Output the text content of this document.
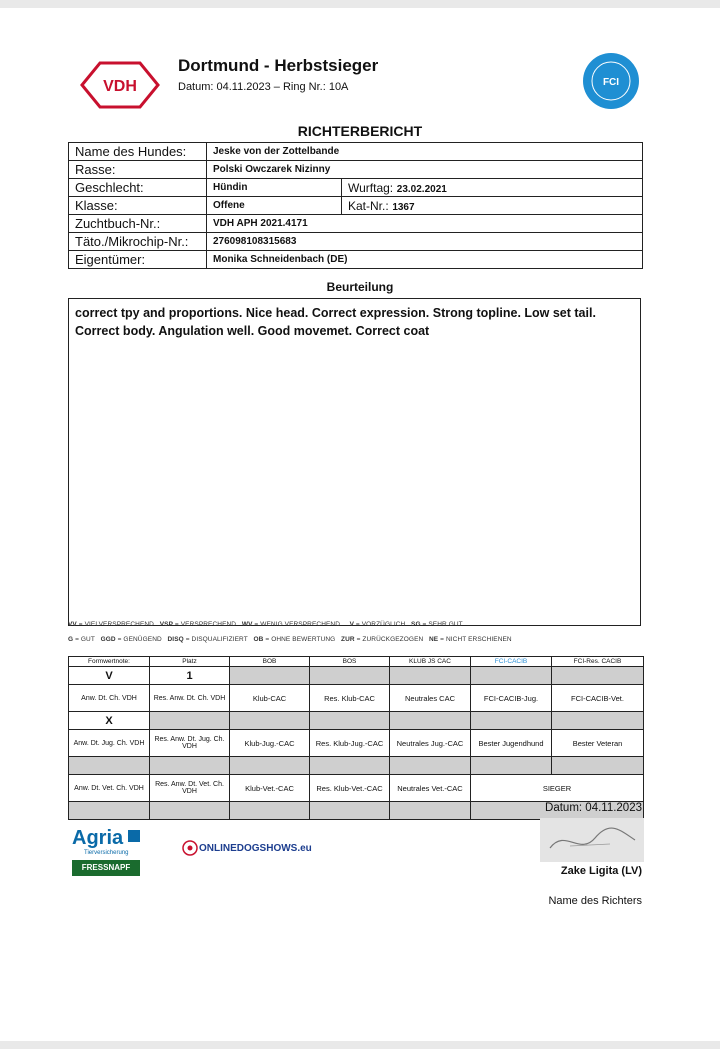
VDH
Dortmund - Herbstsieger
Datum: 04.11.2023 – Ring Nr.: 10A	FCI
RICHTERBERICHT
Name des Hundes:	Jeske von der Zottelbande	
Rasse:	Polski Owczarek Nizinny	
Geschlecht:	Hündin	Wurftag: 23.02.2021
Klasse:	Offene	Kat-Nr.: 1367
Zuchtbuch-Nr.:	VDH APH 2021.4171	
Täto./Mikrochip-Nr.:	276098108315683	
Eigentümer:	Monika Schneidenbach (DE)	
Beurteilung
correct tpy and proportions. Nice head. Correct expression. Strong topline. Low set tail.
Correct body. Angulation well. Good movemet. Correct coat
VV = VIELVERSPRECHEND VSP = VERSPRECHEND WV = WENIG VERSPRECHEND V = VORZÜGLICH SG = SEHR GUT
G = GUT GGD = GENÜGEND DISQ = DISQUALIFIZIERT OB = OHNE BEWERTUNG ZUR = ZURÜCKGEZOGEN NE = NICHT ERSCHIENEN
Formwertnote:	Platz	BOB	BOS	KLUB JS CAC	FCI-CACIB	FCI-Res. CACIB
V	1					
Anw. Dt. Ch. VDH	Res. Anw. Dt. Ch. VDH	Klub-CAC	Res. Klub-CAC	Neutrales CAC	FCI-CACIB-Jug.	FCI-CACIB-Vet.
X						
Anw. Dt. Jug. Ch. VDH	Res. Anw. Dt. Jug. Ch. VDH	Klub-Jug.-CAC	Res. Klub-Jug.-CAC	Neutrales Jug.-CAC	Bester Jugendhund	Bester Veteran

Anw. Dt. Vet. Ch. VDH	Res. Anw. Dt. Vet. Ch. VDH	Klub-Vet.-CAC	Res. Klub-Vet.-CAC	Neutrales Vet.-CAC	SIEGER	

Datum: 04.11.2023
Zake Ligita (LV)
Name des Richters
Agria
Tierversicherung
FRESSNAPF
ONLINEDOGSHOWS.eu
